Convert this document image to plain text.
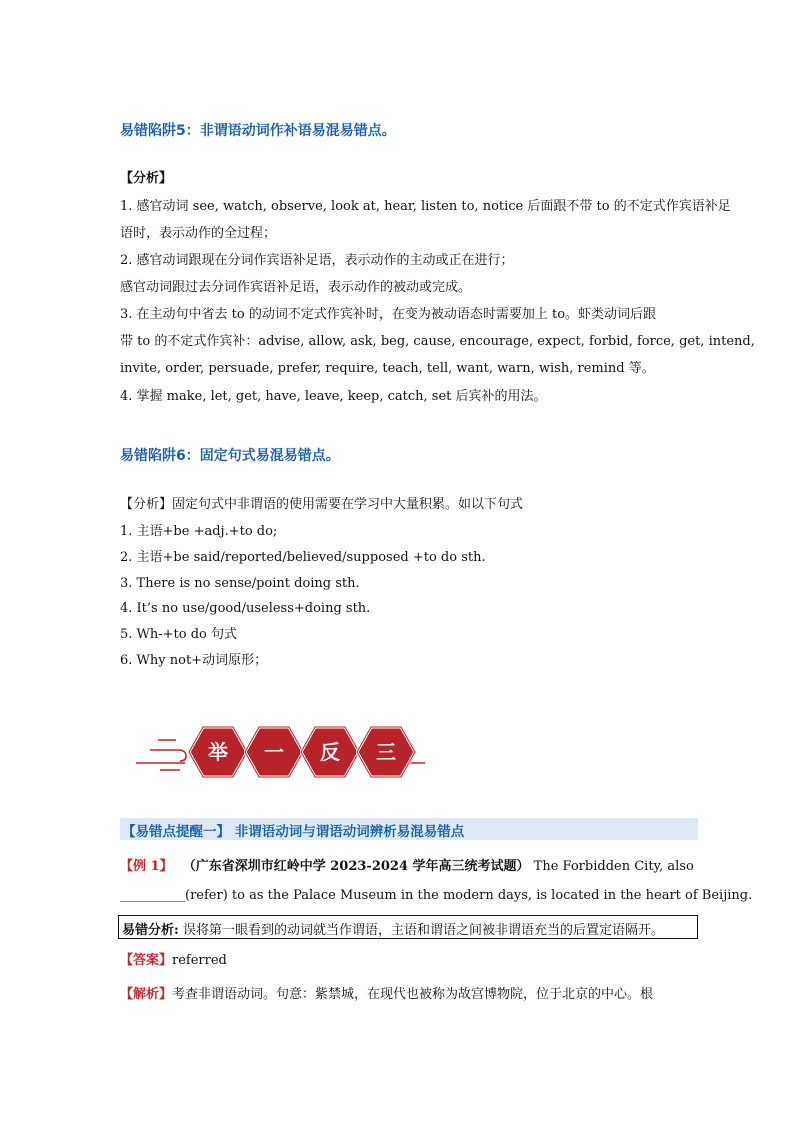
易错陷阱5：非谓语动词作补语易混易错点。
【分析】
1. 感官动词 see, watch, observe, look at, hear, listen to, notice 后面跟不带 to 的不定式作宾语补足
语时，表示动作的全过程；
2. 感官动词跟现在分词作宾语补足语，表示动作的主动或正在进行；
感官动词跟过去分词作宾语补足语，表示动作的被动或完成。
3. 在主动句中省去 to 的动词不定式作宾补时，在变为被动语态时需要加上 to。虾类动词后跟
带 to 的不定式作宾补：advise, allow, ask, beg, cause, encourage, expect, forbid, force, get, intend,
invite, order, persuade, prefer, require, teach, tell, want, warn, wish, remind 等。
4. 掌握 make, let, get, have, leave, keep, catch, set 后宾补的用法。
易错陷阱6：固定句式易混易错点。
【分析】固定句式中非谓语的使用需要在学习中大量积累。如以下句式
1. 主语+be +adj.+to do;
2. 主语+be said/reported/believed/supposed +to do sth.
3. There is no sense/point doing sth.
4. It’s no use/good/useless+doing sth.
5. Wh-+to do 句式
6. Why not+动词原形；
举	一	反	三
【易错点提醒一】 非谓语动词与谓语动词辨析易混易错点
【例 1】 （广东省深圳市红岭中学 2023-2024 学年高三统考试题） The Forbidden City, also
__________(refer) to as the Palace Museum in the modern days, is located in the heart of Beijing.
易错分析: 误将第一眼看到的动词就当作谓语，主语和谓语之间被非谓语充当的后置定语隔开。
【答案】referred
【解析】考查非谓语动词。句意：紫禁城，在现代也被称为故宫博物院，位于北京的中心。根
